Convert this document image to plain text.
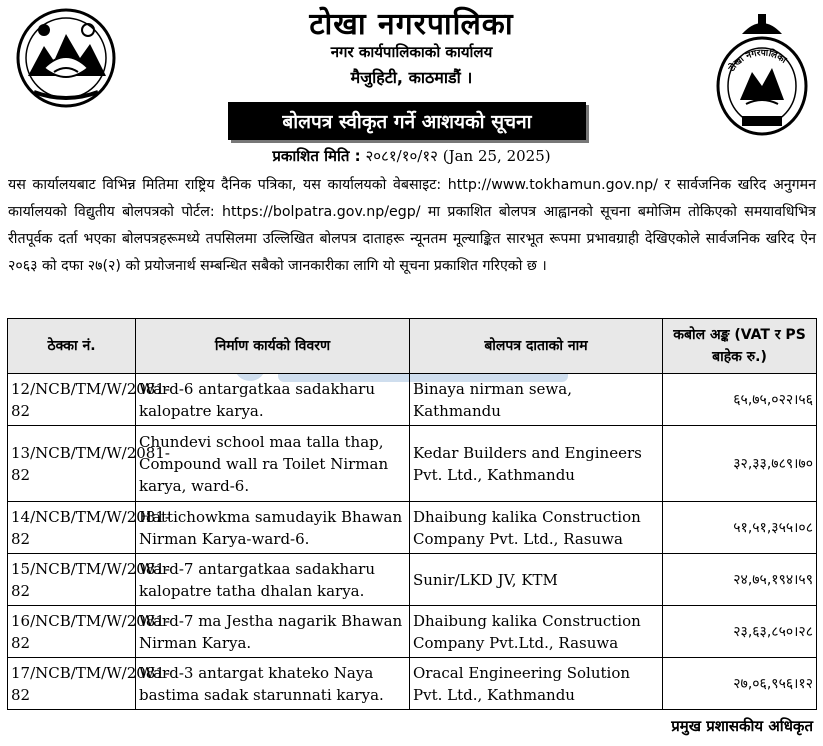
टोखा नगरपालिका
नगर कार्यपालिकाको कार्यालय
मैजुहिटी, काठमाडौं ।
बोलपत्र स्वीकृत गर्ने आशयको सूचना
टोखा नगरपालिका
प्रकाशित मिति : २०८१/१०/१२ (Jan 25, 2025)
यस कार्यालयबाट विभिन्न मितिमा राष्ट्रिय दैनिक पत्रिका, यस कार्यालयको वेबसाइट: http://www.tokhamun.gov.np/ र सार्वजनिक खरिद अनुगमन कार्यालयको विद्युतीय बोलपत्रको पोर्टल: https://bolpatra.gov.np/egp/ मा प्रकाशित बोलपत्र आह्वानको सूचना बमोजिम तोकिएको समयावधिभित्र रीतपूर्वक दर्ता भएका बोलपत्रहरूमध्ये तपसिलमा उल्लिखित बोलपत्र दाताहरू न्यूनतम मूल्याङ्कित सारभूत रूपमा प्रभावग्राही देखिएकोले सार्वजनिक खरिद ऐन २०६३ को दफा २७(२) को प्रयोजनार्थ सम्बन्धित सबैको जानकारीका लागि यो सूचना प्रकाशित गरिएको छ ।
ठेक्का नं.	निर्माण कार्यको विवरण	बोलपत्र दाताको नाम	कबोल अङ्क (VAT र PS बाहेक रु.)
12/NCB/TM/W/2081-82	Ward-6 antargatkaa sadakharu kalopatre karya.	Binaya nirman sewa, Kathmandu	६५,७५,०२२।५६
13/NCB/TM/W/2081-82	Chundevi school maa talla thap, Compound wall ra Toilet Nirman karya, ward-6.	Kedar Builders and Engineers Pvt. Ltd., Kathmandu	३२,३३,७८९।७०
14/NCB/TM/W/2081-82	Hattichowkma samudayik Bhawan Nirman Karya-ward-6.	Dhaibung kalika Construction Company Pvt. Ltd., Rasuwa	५१,५१,३५५।०८
15/NCB/TM/W/2081-82	Ward-7 antargatkaa sadakharu kalopatre tatha dhalan karya.	Sunir/LKD JV, KTM	२४,७५,१९४।५९
16/NCB/TM/W/2081-82	Ward-7 ma Jestha nagarik Bhawan Nirman Karya.	Dhaibung kalika Construction Company Pvt.Ltd., Rasuwa	२३,६३,८५०।२८
17/NCB/TM/W/2081-82	Ward-3 antargat khateko Naya bastima sadak starunnati karya.	Oracal Engineering Solution Pvt. Ltd., Kathmandu	२७,०६,९५६।१२
प्रमुख प्रशासकीय अधिकृत
